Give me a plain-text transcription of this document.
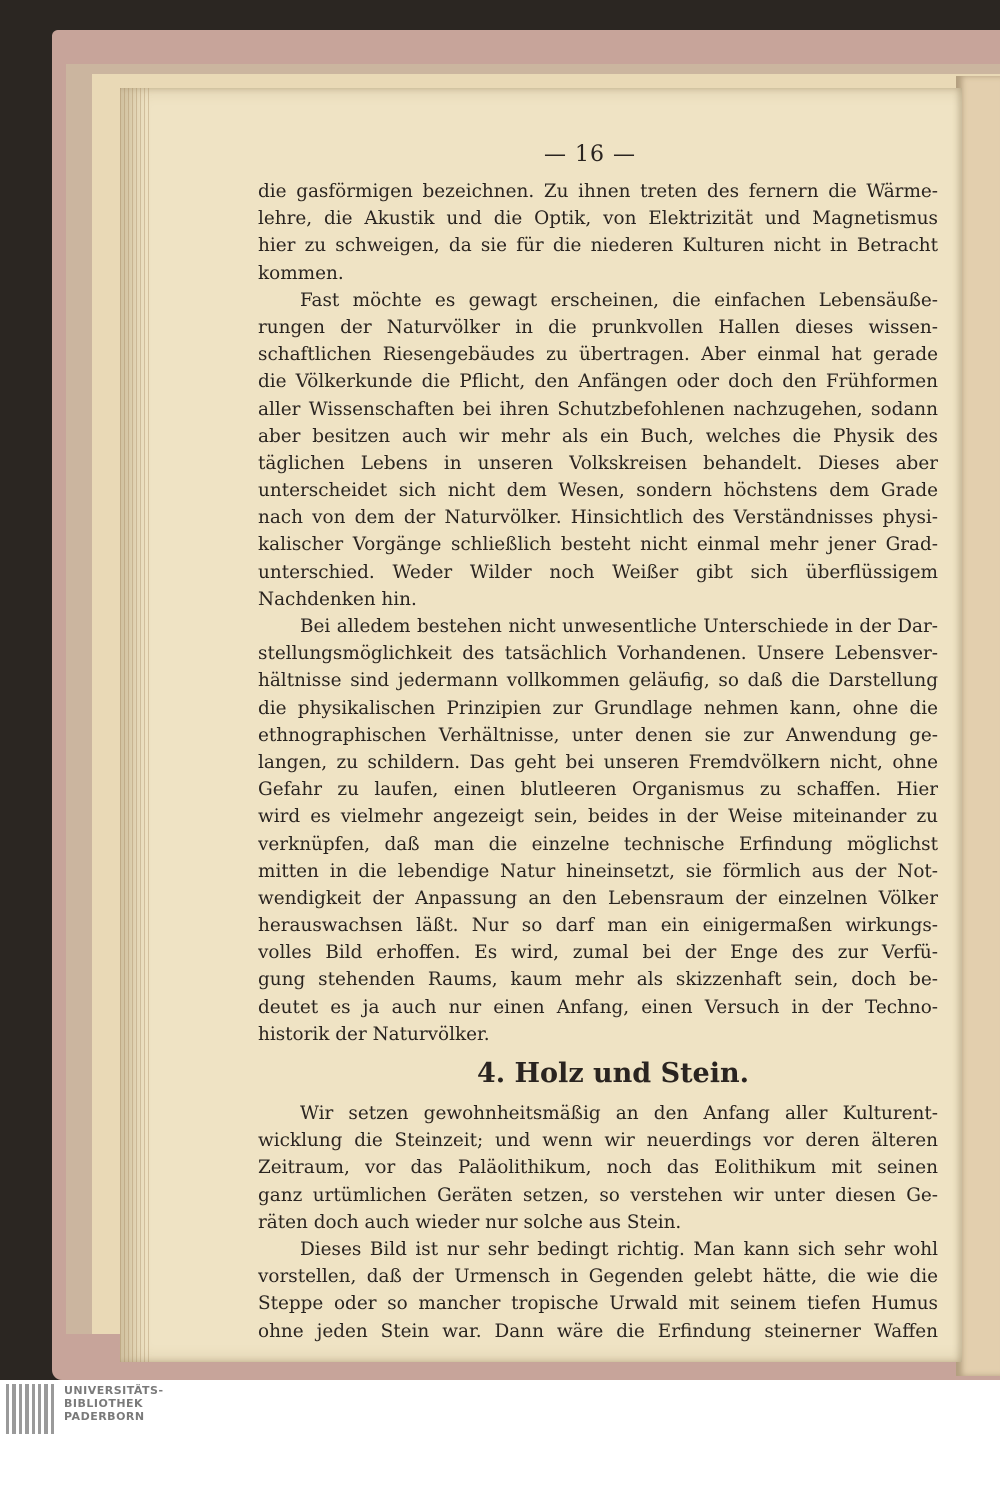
— 16 —
die gasförmigen bezeichnen. Zu ihnen treten des fernern die Wärme-
lehre, die Akustik und die Optik, von Elektrizität und Magnetismus
hier zu schweigen, da sie für die niederen Kulturen nicht in Betracht
kommen.
Fast möchte es gewagt erscheinen, die einfachen Lebensäuße-
rungen der Naturvölker in die prunkvollen Hallen dieses wissen-
schaftlichen Riesengebäudes zu übertragen. Aber einmal hat gerade
die Völkerkunde die Pflicht, den Anfängen oder doch den Frühformen
aller Wissenschaften bei ihren Schutzbefohlenen nachzugehen, sodann
aber besitzen auch wir mehr als ein Buch, welches die Physik des
täglichen Lebens in unseren Volkskreisen behandelt. Dieses aber
unterscheidet sich nicht dem Wesen, sondern höchstens dem Grade
nach von dem der Naturvölker. Hinsichtlich des Verständnisses physi-
kalischer Vorgänge schließlich besteht nicht einmal mehr jener Grad-
unterschied. Weder Wilder noch Weißer gibt sich überflüssigem
Nachdenken hin.
Bei alledem bestehen nicht unwesentliche Unterschiede in der Dar-
stellungsmöglichkeit des tatsächlich Vorhandenen. Unsere Lebensver-
hältnisse sind jedermann vollkommen geläufig, so daß die Darstellung
die physikalischen Prinzipien zur Grundlage nehmen kann, ohne die
ethnographischen Verhältnisse, unter denen sie zur Anwendung ge-
langen, zu schildern. Das geht bei unseren Fremdvölkern nicht, ohne
Gefahr zu laufen, einen blutleeren Organismus zu schaffen. Hier
wird es vielmehr angezeigt sein, beides in der Weise miteinander zu
verknüpfen, daß man die einzelne technische Erfindung möglichst
mitten in die lebendige Natur hineinsetzt, sie förmlich aus der Not-
wendigkeit der Anpassung an den Lebensraum der einzelnen Völker
herauswachsen läßt. Nur so darf man ein einigermaßen wirkungs-
volles Bild erhoffen. Es wird, zumal bei der Enge des zur Verfü-
gung stehenden Raums, kaum mehr als skizzenhaft sein, doch be-
deutet es ja auch nur einen Anfang, einen Versuch in der Techno-
historik der Naturvölker.
4. Holz und Stein.
Wir setzen gewohnheitsmäßig an den Anfang aller Kulturent-
wicklung die Steinzeit; und wenn wir neuerdings vor deren älteren
Zeitraum, vor das Paläolithikum, noch das Eolithikum mit seinen
ganz urtümlichen Geräten setzen, so verstehen wir unter diesen Ge-
räten doch auch wieder nur solche aus Stein.
Dieses Bild ist nur sehr bedingt richtig. Man kann sich sehr wohl
vorstellen, daß der Urmensch in Gegenden gelebt hätte, die wie die
Steppe oder so mancher tropische Urwald mit seinem tiefen Humus
ohne jeden Stein war. Dann wäre die Erfindung steinerner Waffen
UNIVERSITÄTS-
BIBLIOTHEK
PADERBORN
